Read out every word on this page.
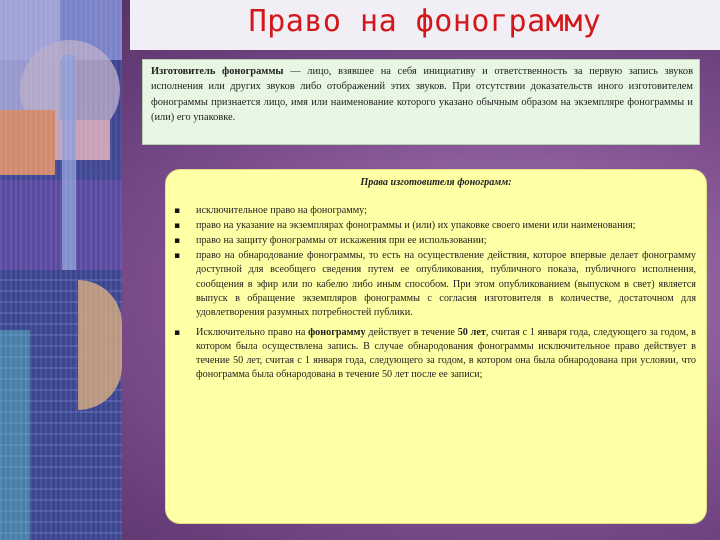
Право на фонограмму
Изготовитель фонограммы — лицо, взявшее на себя инициативу и ответственность за первую запись звуков исполнения или других звуков либо отображений этих звуков. При отсутствии доказательств иного изготовителем фонограммы признается лицо, имя или наименование которого указано обычным образом на экземпляре фонограммы и (или) его упаковке.
Права изготовителя фонограмм:
▪ исключительное право на фонограмму;
▪ право на указание на экземплярах фонограммы и (или) их упаковке своего имени или наименования;
▪ право на защиту фонограммы от искажения при ее использовании;
▪ право на обнародование фонограммы, то есть на осуществление действия, которое впервые делает фонограмму доступной для всеобщего сведения путем ее опубликования, публичного показа, публичного исполнения, сообщения в эфир или по кабелю либо иным способом. При этом опубликованием (выпуском в свет) является выпуск в обращение экземпляров фонограммы с согласия изготовителя в количестве, достаточном для удовлетворения разумных потребностей публики.
▪ Исключительно право на фонограмму действует в течение 50 лет, считая с 1 января года, следующего за годом, в котором была осуществлена запись. В случае обнародования фонограммы исключительное право действует в течение 50 лет, считая с 1 января года, следующего за годом, в котором она была обнародована при условии, что фонограмма была обнародована в течение 50 лет после ее записи;
